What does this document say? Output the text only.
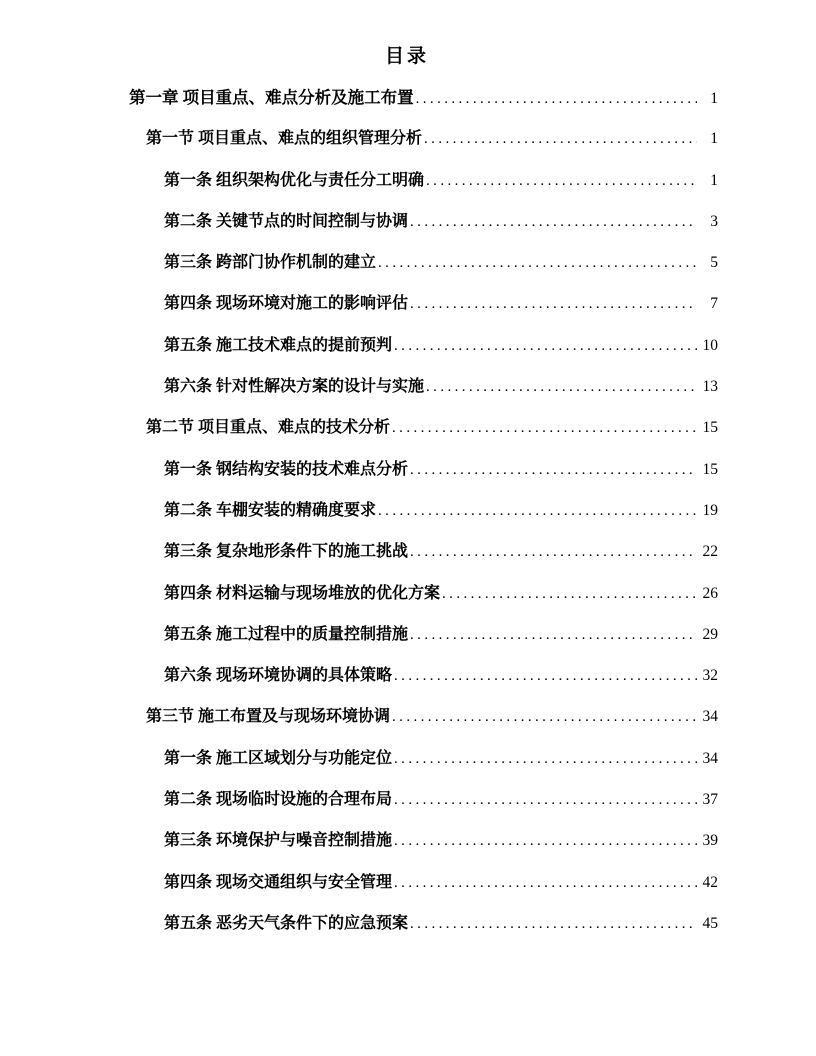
目录
第一章 项目重点、难点分析及施工布置 .....	1
第一节 项目重点、难点的组织管理分析 .....	1
第一条 组织架构优化与责任分工明确 .....	1
第二条 关键节点的时间控制与协调 .....	3
第三条 跨部门协作机制的建立 .....	5
第四条 现场环境对施工的影响评估 .....	7
第五条 施工技术难点的提前预判 .....	10
第六条 针对性解决方案的设计与实施 .....	13
第二节 项目重点、难点的技术分析 .....	15
第一条 钢结构安装的技术难点分析 .....	15
第二条 车棚安装的精确度要求 .....	19
第三条 复杂地形条件下的施工挑战 .....	22
第四条 材料运输与现场堆放的优化方案 .....	26
第五条 施工过程中的质量控制措施 .....	29
第六条 现场环境协调的具体策略 .....	32
第三节 施工布置及与现场环境协调 .....	34
第一条 施工区域划分与功能定位 .....	34
第二条 现场临时设施的合理布局 .....	37
第三条 环境保护与噪音控制措施 .....	39
第四条 现场交通组织与安全管理 .....	42
第五条 恶劣天气条件下的应急预案 .....	45
